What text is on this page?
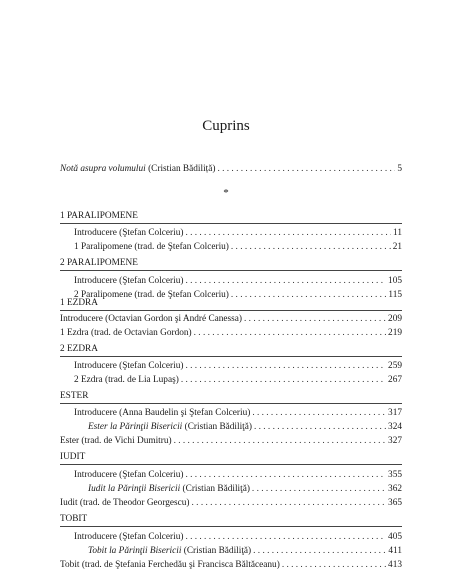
Cuprins
Notă asupra volumului (Cristian Bădiliță) . . .	5
*
1 PARALIPOMENE
Introducere (Ştefan Colceriu) . . .	11
1 Paralipomene (trad. de Ştefan Colceriu) . . .	21
2 PARALIPOMENE
Introducere (Ştefan Colceriu) . . .	105
2 Paralipomene (trad. de Ştefan Colceriu) . . .	115
1 EZDRA
Introducere (Octavian Gordon şi André Canessa) . . .	209
1 Ezdra (trad. de Octavian Gordon) . . .	219
2 EZDRA
Introducere (Ştefan Colceriu) . . .	259
2 Ezdra (trad. de Lia Lupaş) . . .	267
ESTER
Introducere (Anna Baudelin şi Ştefan Colceriu) . . .	317
Ester la Părinţii Bisericii (Cristian Bădiliţă) . . .	324
Ester (trad. de Vichi Dumitru) . . .	327
IUDIT
Introducere (Ştefan Colceriu) . . .	355
Iudit la Părinţii Bisericii (Cristian Bădiliţă) . . .	362
Iudit (trad. de Theodor Georgescu) . . .	365
TOBIT
Introducere (Ştefan Colceriu) . . .	405
Tobit la Părinţii Bisericii (Cristian Bădiliţă) . . .	411
Tobit (trad. de Ştefania Ferchedău şi Francisca Băltăceanu) . . .	413
